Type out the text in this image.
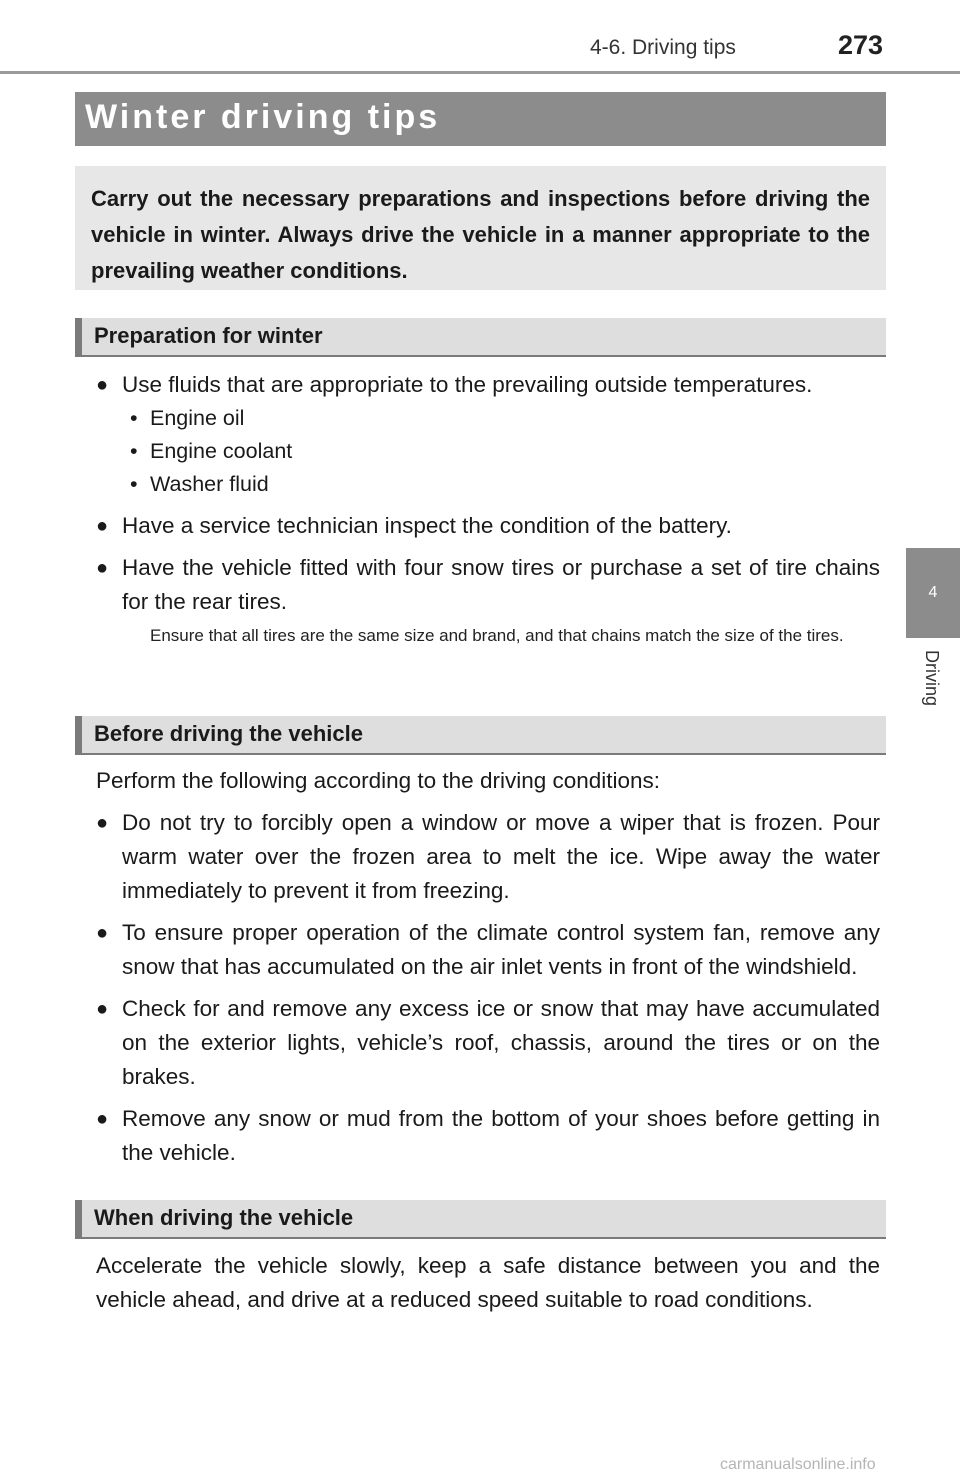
4-6. Driving tips	273
4
Driving
Winter driving tips
Carry out the necessary preparations and inspections before driving the vehicle in winter. Always drive the vehicle in a manner appropriate to the prevailing weather conditions.
Preparation for winter
● Use fluids that are appropriate to the prevailing outside temperatures.
• Engine oil
• Engine coolant
• Washer fluid
● Have a service technician inspect the condition of the battery.
● Have the vehicle fitted with four snow tires or purchase a set of tire chains for the rear tires.
Ensure that all tires are the same size and brand, and that chains match the size of the tires.
Before driving the vehicle
Perform the following according to the driving conditions:
● Do not try to forcibly open a window or move a wiper that is frozen. Pour warm water over the frozen area to melt the ice. Wipe away the water immediately to prevent it from freezing.
● To ensure proper operation of the climate control system fan, remove any snow that has accumulated on the air inlet vents in front of the windshield.
● Check for and remove any excess ice or snow that may have accumulated on the exterior lights, vehicle’s roof, chassis, around the tires or on the brakes.
● Remove any snow or mud from the bottom of your shoes before getting in the vehicle.
When driving the vehicle
Accelerate the vehicle slowly, keep a safe distance between you and the vehicle ahead, and drive at a reduced speed suitable to road conditions.
carmanualsonline.info
